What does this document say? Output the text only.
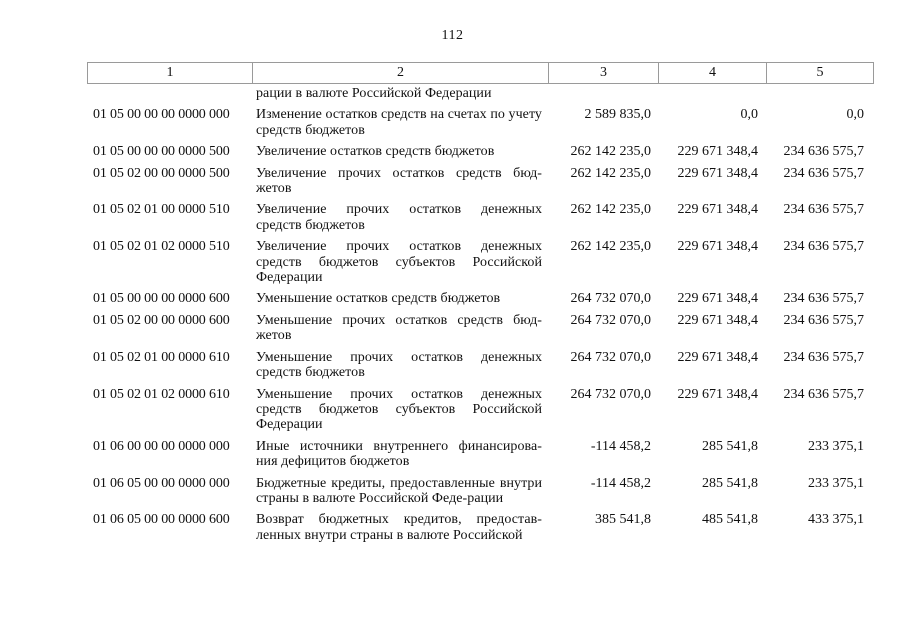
112
1	2	3	4	5
	рации в валюте Российской Федерации			
01 05 00 00 00 0000 000	Изменение остатков средств на счетах по учету средств бюджетов	2 589 835,0	0,0	0,0
01 05 00 00 00 0000 500	Увеличение остатков средств бюджетов	262 142 235,0	229 671 348,4	234 636 575,7
01 05 02 00 00 0000 500	Увеличение прочих остатков средств бюд-жетов	262 142 235,0	229 671 348,4	234 636 575,7
01 05 02 01 00 0000 510	Увеличение прочих остатков денежных средств бюджетов	262 142 235,0	229 671 348,4	234 636 575,7
01 05 02 01 02 0000 510	Увеличение прочих остатков денежных средств бюджетов субъектов Российской Федерации	262 142 235,0	229 671 348,4	234 636 575,7
01 05 00 00 00 0000 600	Уменьшение остатков средств бюджетов	264 732 070,0	229 671 348,4	234 636 575,7
01 05 02 00 00 0000 600	Уменьшение прочих остатков средств бюд-жетов	264 732 070,0	229 671 348,4	234 636 575,7
01 05 02 01 00 0000 610	Уменьшение прочих остатков денежных средств бюджетов	264 732 070,0	229 671 348,4	234 636 575,7
01 05 02 01 02 0000 610	Уменьшение прочих остатков денежных средств бюджетов субъектов Российской Федерации	264 732 070,0	229 671 348,4	234 636 575,7
01 06 00 00 00 0000 000	Иные источники внутреннего финансирова-ния дефицитов бюджетов	-114 458,2	285 541,8	233 375,1
01 06 05 00 00 0000 000	Бюджетные кредиты, предоставленные внутри страны в валюте Российской Феде-рации	-114 458,2	285 541,8	233 375,1
01 06 05 00 00 0000 600	Возврат бюджетных кредитов, предостав-ленных внутри страны в валюте Российской	385 541,8	485 541,8	433 375,1
